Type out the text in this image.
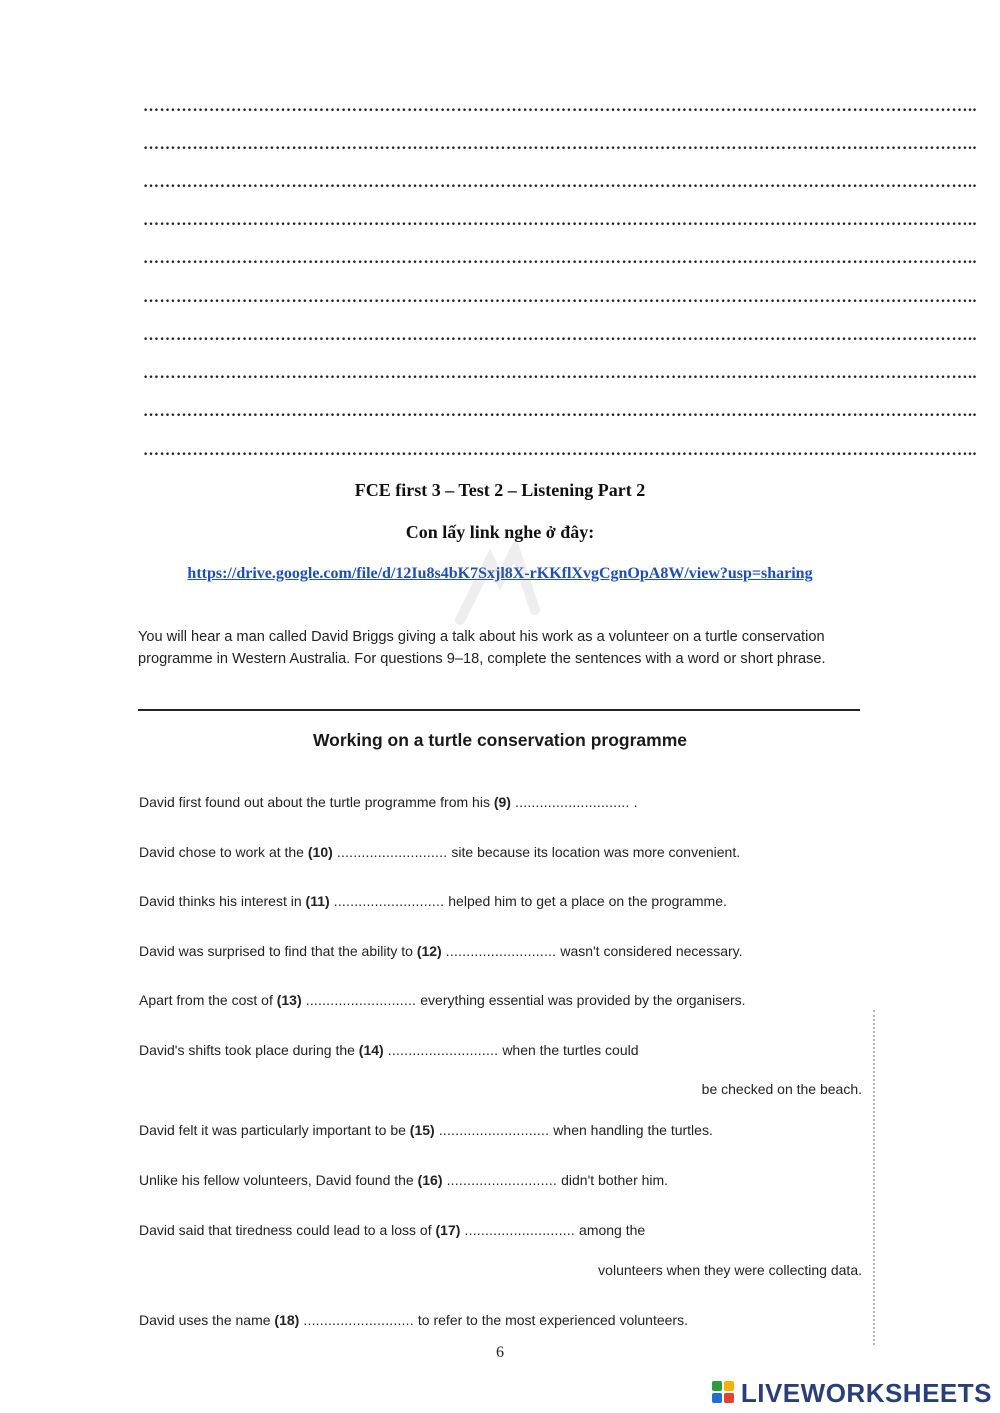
……………………………………………………………………………………………………………………………………..
……………………………………………………………………………………………………………………………………..
……………………………………………………………………………………………………………………………………..
……………………………………………………………………………………………………………………………………..
……………………………………………………………………………………………………………………………………..
……………………………………………………………………………………………………………………………………..
……………………………………………………………………………………………………………………………………..
……………………………………………………………………………………………………………………………………..
……………………………………………………………………………………………………………………………………..
……………………………………………………………………………………………………………………………………..
FCE first 3 – Test 2 – Listening Part 2
Con lấy link nghe ở đây:
https://drive.google.com/file/d/12Iu8s4bK7Sxjl8X-rKKflXvgCgnOpA8W/view?usp=sharing
You will hear a man called David Briggs giving a talk about his work as a volunteer on a turtle conservation programme in Western Australia. For questions 9–18, complete the sentences with a word or short phrase.
Working on a turtle conservation programme
David first found out about the turtle programme from his (9) ............................ .
David chose to work at the (10) ........................... site because its location was more convenient.
David thinks his interest in (11) ........................... helped him to get a place on the programme.
David was surprised to find that the ability to (12) ........................... wasn't considered necessary.
Apart from the cost of (13) ........................... everything essential was provided by the organisers.
David's shifts took place during the (14) ........................... when the turtles could
be checked on the beach.
David felt it was particularly important to be (15) ........................... when handling the turtles.
Unlike his fellow volunteers, David found the (16) ........................... didn't bother him.
David said that tiredness could lead to a loss of (17) ........................... among the
volunteers when they were collecting data.
David uses the name (18) ........................... to refer to the most experienced volunteers.
6
LIVEWORKSHEETS
